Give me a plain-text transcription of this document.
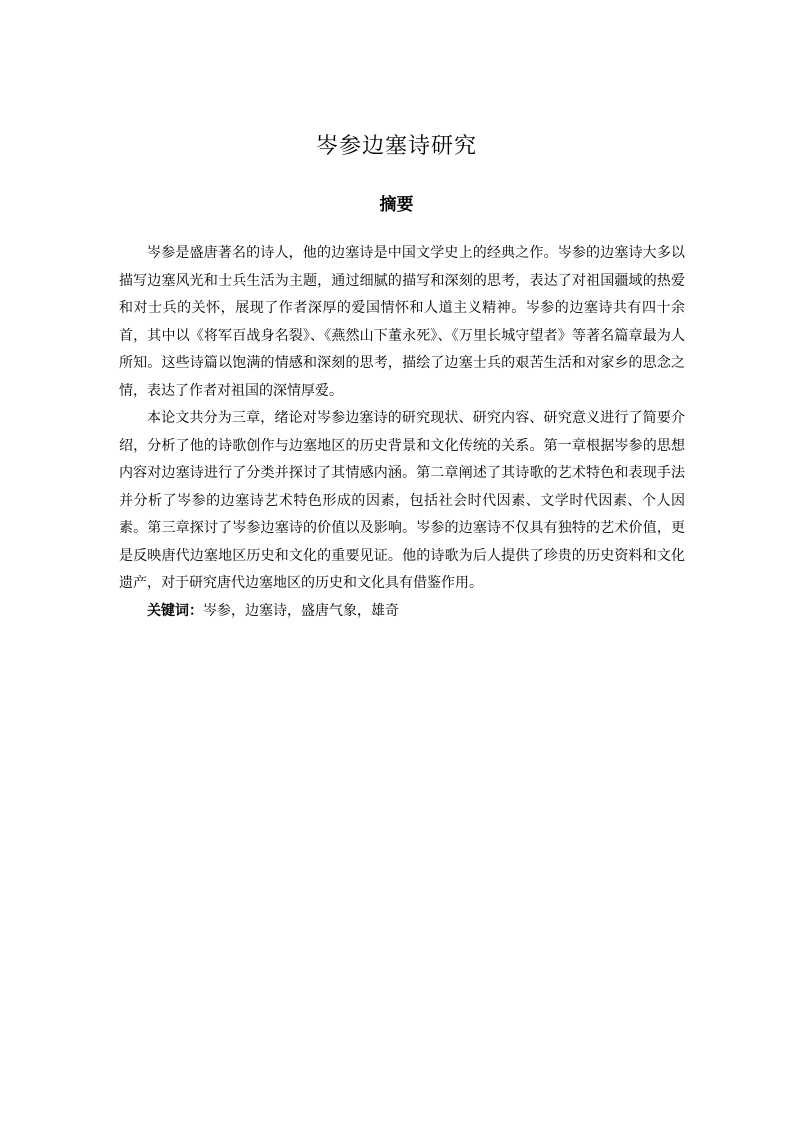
岑参边塞诗研究
摘要

岑参是盛唐著名的诗人，他的边塞诗是中国文学史上的经典之作。岑参的边塞诗大多以描写边塞风光和士兵生活为主题，通过细腻的描写和深刻的思考，表达了对祖国疆域的热爱和对士兵的关怀，展现了作者深厚的爱国情怀和人道主义精神。岑参的边塞诗共有四十余首，其中以《将军百战身名裂》、《燕然山下董永死》、《万里长城守望者》等著名篇章最为人所知。这些诗篇以饱满的情感和深刻的思考，描绘了边塞士兵的艰苦生活和对家乡的思念之情，表达了作者对祖国的深情厚爱。

本论文共分为三章，绪论对岑参边塞诗的研究现状、研究内容、研究意义进行了简要介绍，分析了他的诗歌创作与边塞地区的历史背景和文化传统的关系。第一章根据岑参的思想内容对边塞诗进行了分类并探讨了其情感内涵。第二章阐述了其诗歌的艺术特色和表现手法并分析了岑参的边塞诗艺术特色形成的因素，包括社会时代因素、文学时代因素、个人因素。第三章探讨了岑参边塞诗的价值以及影响。岑参的边塞诗不仅具有独特的艺术价值，更是反映唐代边塞地区历史和文化的重要见证。他的诗歌为后人提供了珍贵的历史资料和文化遗产，对于研究唐代边塞地区的历史和文化具有借鉴作用。

关键词：岑参，边塞诗，盛唐气象，雄奇
